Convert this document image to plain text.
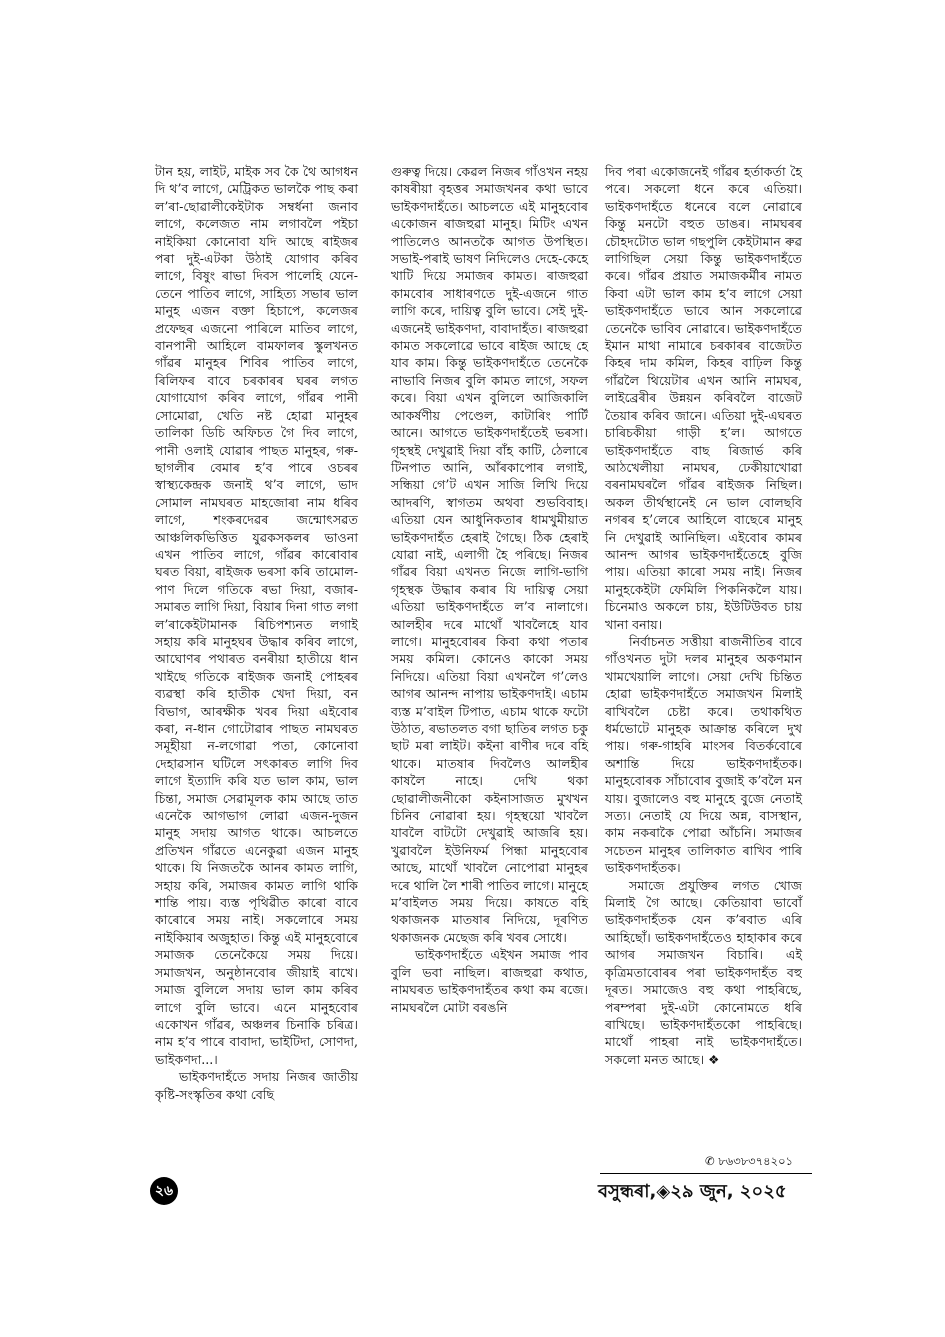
টান হয়, লাইট, মাইক সব কৈ থৈ আগধন দি থ’ব লাগে, মেট্ৰিকত ভালকৈ পাছ কৰা ল’ৰা-ছোৱালীকেইটাক সম্বৰ্ধনা জনাব লাগে, কলেজত নাম লগাবলৈ পইচা নাইকিয়া কোনোবা যদি আছে ৰাইজৰ পৰা দুই-এটকা উঠাই যোগাব কৰিব লাগে, বিষুং ৰাভা দিবস পালেহি যেনে-তেনে পাতিব লাগে, সাহিত্য সভাৰ ভাল মানুহ এজন বক্তা হিচাপে, কলেজৰ প্ৰফেছৰ এজনো পাৰিলে মাতিব লাগে, বানপানী আহিলে বামফালৰ স্কুলখনত গাঁৱৰ মানুহৰ শিবিৰ পাতিব লাগে, ৰিলিফৰ বাবে চৰকাৰৰ ঘৰৰ লগত যোগাযোগ কৰিব লাগে, গাঁৱৰ পানী সোমোৱা, খেতি নষ্ট হোৱা মানুহৰ তালিকা ডিচি অফিচত গৈ দিব লাগে, পানী ওলাই যোৱাৰ পাছত মানুহৰ, গৰু-ছাগলীৰ বেমাৰ হ’ব পাৰে ওচৰৰ স্বাস্থ্যকেন্দ্ৰক জনাই থ’ব লাগে, ভাদ সোমাল নামঘৰত মাহজোৰা নাম ধৰিব লাগে, শংকৰদেৱৰ জন্মোৎসৱত আঞ্চলিকভিত্তিত যুৱকসকলৰ ভাওনা এখন পাতিব লাগে, গাঁৱৰ কাৰোবাৰ ঘৰত বিয়া, ৰাইজক ভৰসা কৰি তামোল-পাণ দিলে গতিকে ৰভা দিয়া, বজাৰ-সমাৰত লাগি দিয়া, বিয়াৰ দিনা গাত লগা ল’ৰাকেইটামানক ৰিচিপশ্যনত লগাই সহায় কৰি মানুহঘৰ উদ্ধাৰ কৰিব লাগে, আঘোণৰ পথাৰত বনৰীয়া হাতীয়ে ধান খাইছে গতিকে ৰাইজক জনাই পোহৰৰ ব্যৱস্থা কৰি হাতীক খেদা দিয়া, বন বিভাগ, আৰক্ষীক খবৰ দিয়া এইবোৰ কৰা, ন-ধান গোটোৱাৰ পাছত নামঘৰত সমূহীয়া ন-লগোৱা পতা, কোনোবা দেহাৱসান ঘটিলে সৎকাৰত লাগি দিব লাগে ইত্যাদি কৰি যত ভাল কাম, ভাল চিন্তা, সমাজ সেৱামূলক কাম আছে তাত এনেকৈ আগভাগ লোৱা এজন-দুজন মানুহ সদায় আগত থাকে। আচলতে প্ৰতিখন গাঁৱতে এনেকুৱা এজন মানুহ থাকে। যি নিজতকৈ আনৰ কামত লাগি, সহায় কৰি, সমাজৰ কামত লাগি থাকি শান্তি পায়। ব্যস্ত পৃথিৱীত কাৰো বাবে কাৰোৰে সময় নাই। সকলোৰে সময় নাইকিয়াৰ অজুহাত। কিন্তু এই মানুহবোৰে সমাজক তেনেকৈয়ে সময় দিয়ে। সমাজখন, অনুষ্ঠানবোৰ জীয়াই ৰাখে। সমাজ বুলিলে সদায় ভাল কাম কৰিব লাগে বুলি ভাবে। এনে মানুহবোৰ একোখন গাঁৱৰ, অঞ্চলৰ চিনাকি চৰিত্ৰ। নাম হ’ব পাৰে বাবাদা, ভাইটিদা, সোণদা, ভাইকণদা...।

ভাইকণদাহঁতে সদায় নিজৰ জাতীয় কৃষ্টি-সংস্কৃতিৰ কথা বেছি

গুৰুত্ব দিয়ে। কেৱল নিজৰ গাঁওখন নহয় কাষৰীয়া বৃহত্তৰ সমাজখনৰ কথা ভাবে ভাইকণদাহঁতে। আচলতে এই মানুহবোৰ একোজন ৰাজহুৱা মানুহ। মিটিং এখন পাতিলেও আনতকৈ আগত উপস্থিত। সভাই-পৰাই ভাষণ নিদিলেও দেহে-কেহে খাটি দিয়ে সমাজৰ কামত। ৰাজহুৱা কামবোৰ সাধাৰণতে দুই-এজনে গাত লাগি কৰে, দায়িত্ব বুলি ভাবে। সেই দুই-এজনেই ভাইকণদা, বাবাদাহঁত। ৰাজহুৱা কামত সকলোৱে ভাবে ৰাইজ আছে হে যাব কাম। কিন্তু ভাইকণদাহঁতে তেনেকৈ নাভাবি নিজৰ বুলি কামত লাগে, সফল কৰে। বিয়া এখন বুলিলে আজিকালি আকৰ্ষণীয় পেণ্ডেল, কাটাৰিং পাৰ্টি আনে। আগতে ভাইকণদাহঁতেই ভৰসা। গৃহস্থই দেখুৱাই দিয়া বাঁহ কাটি, ঠেলাৰে টিনপাত আনি, আঁৰকাপোৰ লগাই, সন্ধিয়া গে’ট এখন সাজি লিখি দিয়ে আদৰণি, স্বাগতম অথবা শুভবিবাহ। এতিয়া যেন আধুনিকতাৰ ধামখুমীয়াত ভাইকণদাহঁত হেৰাই গৈছে। ঠিক হেৰাই যোৱা নাই, এলাগী হৈ পৰিছে। নিজৰ গাঁৱৰ বিয়া এখনত নিজে লাগি-ভাগি গৃহস্থক উদ্ধাৰ কৰাৰ যি দায়িত্ব সেয়া এতিয়া ভাইকণদাহঁতে ল’ব নালাগে। আলহীৰ দৰে মাথোঁ খাবলৈহে যাব লাগে। মানুহবোৰৰ কিবা কথা পতাৰ সময় কমিল। কোনেও কাকো সময় নিদিয়ে। এতিয়া বিয়া এখনলৈ গ’লেও আগৰ আনন্দ নাপায় ভাইকণদাই। এচাম ব্যস্ত ম’বাইল টিপাত, এচাম থাকে ফটো উঠাত, ৰভাতলত বগা ছাতিৰ লগত চকু ছাট মৰা লাইট। কইনা ৰাণীৰ দৰে বহি থাকে। মাতষাৰ দিবলৈও আলহীৰ কাষলৈ নাহে। দেখি থকা ছোৱালীজনীকো কইনাসাজত মুখখন চিনিব নোৱাৰা হয়। গৃহস্থয়ো খাবলৈ যাবলৈ বাটটো দেখুৱাই আজৰি হয়। খুৱাবলৈ ইউনিফৰ্ম পিন্ধা মানুহবোৰ আছে, মাথোঁ খাবলৈ নোপোৱা মানুহৰ দৰে থালি লৈ শাৰী পাতিব লাগে। মানুহে ম’বাইলত সময় দিয়ে। কাষতে বহি থকাজনক মাতষাৰ নিদিয়ে, দূৰণিত থকাজনক মেছেজ কৰি খবৰ সোধে।

ভাইকণদাহঁতে এইখন সমাজ পাব বুলি ভবা নাছিল। ৰাজহুৱা কথাত, নামঘৰত ভাইকণদাহঁতৰ কথা কম ৰজে। নামঘৰলৈ মোটা বৰঙনি

দিব পৰা একোজনেই গাঁৱৰ হৰ্তাকৰ্তা হৈ পৰে। সকলো ধনে কৰে এতিয়া। ভাইকণদাহঁতে ধনেৰে বলে নোৱাৰে কিন্তু মনটো বহুত ডাঙৰ। নামঘৰৰ চৌহদটোত ভাল গছপুলি কেইটামান ৰুৱ লাগিছিল সেয়া কিন্তু ভাইকণদাহঁতে কৰে। গাঁৱৰ প্ৰয়াত সমাজকৰ্মীৰ নামত কিবা এটা ভাল কাম হ’ব লাগে সেয়া ভাইকণদাহঁতে ভাবে আন সকলোৱে তেনেকৈ ভাবিব নোৱাৰে। ভাইকণদাহঁতে ইমান মাথা নামাৰে চৰকাৰৰ বাজেটত কিহৰ দাম কমিল, কিহৰ বাঢ়িল কিন্তু গাঁৱলৈ থিয়েটাৰ এখন আনি নামঘৰ, লাইব্ৰেৰীৰ উন্নয়ন কৰিবলৈ বাজেট তৈয়াৰ কৰিব জানে। এতিয়া দুই-এঘৰত চাৰিচকীয়া গাড়ী হ’ল। আগতে ভাইকণদাহঁতে বাছ ৰিজাৰ্ভ কৰি আঠখেলীয়া নামঘৰ, ঢেকীয়াখোৱা বৰনামঘৰলৈ গাঁৱৰ ৰাইজক নিছিল। অকল তীৰ্থস্থানেই নে ভাল বোলছবি নগৰৰ হ’লেৰে আহিলে বাছেৰে মানুহ নি দেখুৱাই আনিছিল। এইবোৰ কামৰ আনন্দ আগৰ ভাইকণদাহঁতেহে বুজি পায়। এতিয়া কাৰো সময় নাই। নিজৰ মানুহকেইটা ফেমিলি পিকনিকলৈ যায়। চিনেমাও অকলে চায়, ইউটিউবত চায় খানা বনায়।

নিৰ্বাচনত সত্তীয়া ৰাজনীতিৰ বাবে গাঁওখনত দুটা দলৰ মানুহৰ অকণমান খামখেয়ালি লাগে। সেয়া দেখি চিন্তিত হোৱা ভাইকণদাহঁতে সমাজখন মিলাই ৰাখিবলৈ চেষ্টা কৰে। তথাকথিত ধৰ্মভোটে মানুহক আক্ৰান্ত কৰিলে দুখ পায়। গৰু-গাহৰি মাংসৰ বিতৰ্কবোৰে অশান্তি দিয়ে ভাইকণদাহঁতক। মানুহবোৰক সাঁচাবোৰ বুজাই ক’বলৈ মন যায়। বুজালেও বহু মানুহে বুজে নেতাই সত্য। নেতাই যে দিয়ে অন্ন, বাসস্থান, কাম নকৰাকৈ পোৱা আঁচনি। সমাজৰ সচেতন মানুহৰ তালিকাত ৰাখিব পাৰি ভাইকণদাহঁতক।

সমাজে প্ৰযুক্তিৰ লগত খোজ মিলাই গৈ আছে। কেতিয়াবা ভাবোঁ ভাইকণদাহঁতক যেন ক’ৰবাত এৰি আহিছোঁ। ভাইকণদাহঁতেও হাহাকাৰ কৰে আগৰ সমাজখন বিচাৰি। এই কৃত্ৰিমতাবোৰৰ পৰা ভাইকণদাহঁত বহু দূৰত। সমাজেও বহু কথা পাহৰিছে, পৰম্পৰা দুই-এটা কোনোমতে ধৰি ৰাখিছে। ভাইকণদাহঁতকো পাহৰিছে। মাথোঁ পাহৰা নাই ভাইকণদাহঁতে। সকলো মনত আছে। ❖

✆ ৮৬৩৮৩৭৪২০১
২৬	বসুন্ধৰা,◈২৯ জুন, ২০২৫
